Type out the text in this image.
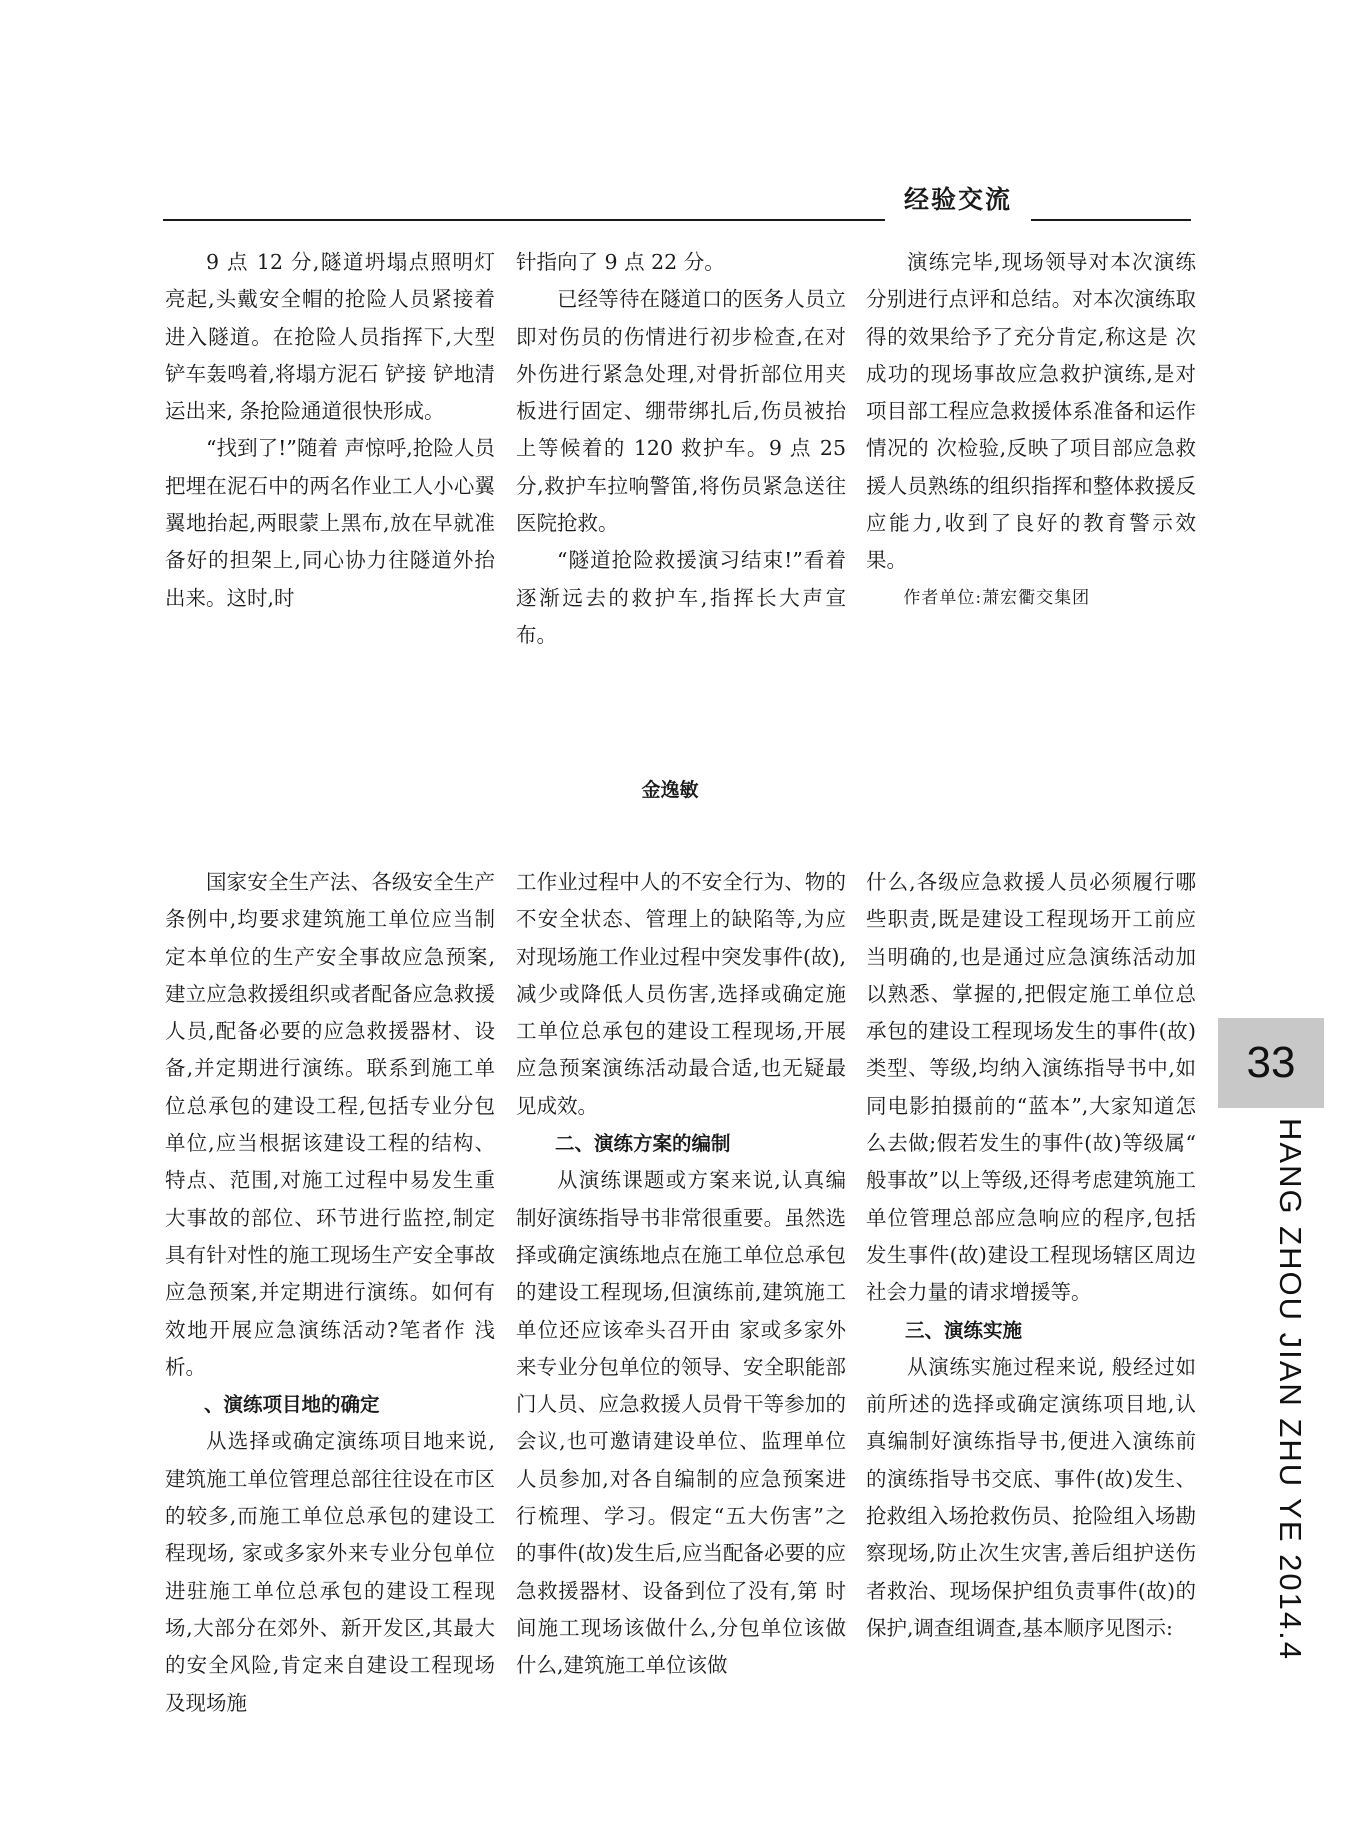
经验交流

9 点 12 分,隧道坍塌点照明灯亮起,头戴安全帽的抢险人员紧接着进入隧道。在抢险人员指挥下,大型铲车轰鸣着,将塌方泥石 铲接 铲地清运出来, 条抢险通道很快形成。

“找到了!”随着 声惊呼,抢险人员把埋在泥石中的两名作业工人小心翼翼地抬起,两眼蒙上黑布,放在早就准备好的担架上,同心协力往隧道外抬出来。这时,时

针指向了 9 点 22 分。

已经等待在隧道口的医务人员立即对伤员的伤情进行初步检查,在对外伤进行紧急处理,对骨折部位用夹板进行固定、绷带绑扎后,伤员被抬上等候着的 120 救护车。9 点 25 分,救护车拉响警笛,将伤员紧急送往医院抢救。

“隧道抢险救援演习结束!”看着逐渐远去的救护车,指挥长大声宣布。

演练完毕,现场领导对本次演练分别进行点评和总结。对本次演练取得的效果给予了充分肯定,称这是 次成功的现场事故应急救护演练,是对项目部工程应急救援体系准备和运作情况的 次检验,反映了项目部应急救援人员熟练的组织指挥和整体救援反应能力,收到了良好的教育警示效果。

作者单位:萧宏衢交集团

金逸敏

国家安全生产法、各级安全生产条例中,均要求建筑施工单位应当制定本单位的生产安全事故应急预案,建立应急救援组织或者配备应急救援人员,配备必要的应急救援器材、设备,并定期进行演练。联系到施工单位总承包的建设工程,包括专业分包单位,应当根据该建设工程的结构、特点、范围,对施工过程中易发生重大事故的部位、环节进行监控,制定具有针对性的施工现场生产安全事故应急预案,并定期进行演练。如何有效地开展应急演练活动?笔者作 浅析。

、演练项目地的确定

从选择或确定演练项目地来说,建筑施工单位管理总部往往设在市区的较多,而施工单位总承包的建设工程现场, 家或多家外来专业分包单位进驻施工单位总承包的建设工程现场,大部分在郊外、新开发区,其最大的安全风险,肯定来自建设工程现场及现场施

工作业过程中人的不安全行为、物的不安全状态、管理上的缺陷等,为应对现场施工作业过程中突发事件(故),减少或降低人员伤害,选择或确定施工单位总承包的建设工程现场,开展应急预案演练活动最合适,也无疑最见成效。

二、演练方案的编制

从演练课题或方案来说,认真编制好演练指导书非常很重要。虽然选择或确定演练地点在施工单位总承包的建设工程现场,但演练前,建筑施工单位还应该牵头召开由 家或多家外来专业分包单位的领导、安全职能部门人员、应急救援人员骨干等参加的会议,也可邀请建设单位、监理单位人员参加,对各自编制的应急预案进行梳理、学习。假定“五大伤害”之 的事件(故)发生后,应当配备必要的应急救援器材、设备到位了没有,第 时间施工现场该做什么,分包单位该做什么,建筑施工单位该做

什么,各级应急救援人员必须履行哪些职责,既是建设工程现场开工前应当明确的,也是通过应急演练活动加以熟悉、掌握的,把假定施工单位总承包的建设工程现场发生的事件(故)类型、等级,均纳入演练指导书中,如同电影拍摄前的“蓝本”,大家知道怎么去做;假若发生的事件(故)等级属“ 般事故”以上等级,还得考虑建筑施工单位管理总部应急响应的程序,包括发生事件(故)建设工程现场辖区周边社会力量的请求增援等。

三、演练实施

从演练实施过程来说, 般经过如前所述的选择或确定演练项目地,认真编制好演练指导书,便进入演练前的演练指导书交底、事件(故)发生、抢救组入场抢救伤员、抢险组入场勘察现场,防止次生灾害,善后组护送伤者救治、现场保护组负责事件(故)的保护,调查组调查,基本顺序见图示:

33
HANG ZHOU JIAN ZHU YE 2014.4
